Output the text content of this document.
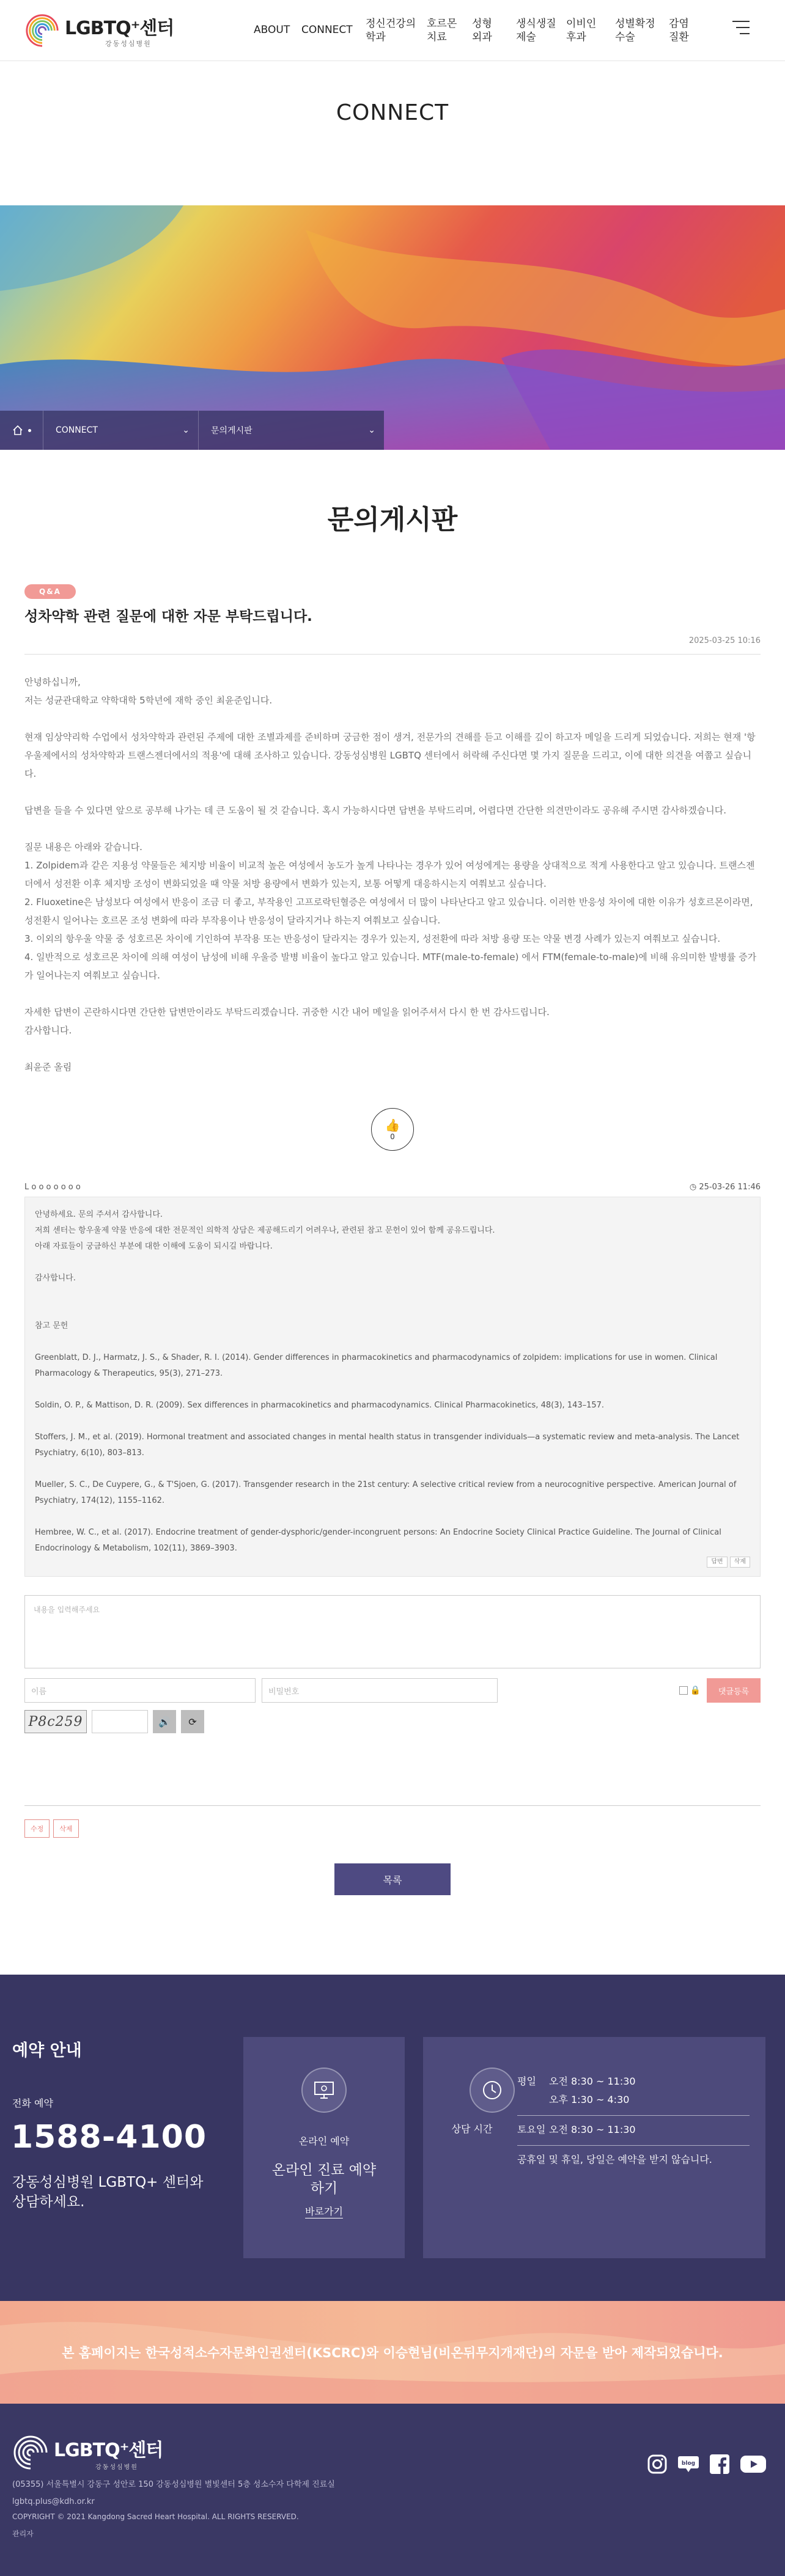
LGBTQ⁺센터
강동성심병원
ABOUT	CONNECT	정신건강의
학과
호르몬
치료
성형
외과
생식생질
제술
이비인
후과
성별확정
수술
감염
질환
CONNECT
CONNECT	⌄	문의게시판	⌄
문의게시판
Q&A
성차약학 관련 질문에 대한 자문 부탁드립니다.
2025-03-25 10:16

안녕하십니까,

저는 성균관대학교 약학대학 5학년에 재학 중인 최윤준입니다.

현재 임상약리학 수업에서 성차약학과 관련된 주제에 대한 조별과제를 준비하며 궁금한 점이 생겨, 전문가의 견해를 듣고 이해를 깊이 하고자 메일을 드리게 되었습니다. 저희는 현재 '항우울제에서의 성차약학과 트랜스젠더에서의 적용'에 대해 조사하고 있습니다. 강동성심병원 LGBTQ 센터에서 허락해 주신다면 몇 가지 질문을 드리고, 이에 대한 의견을 여쭙고 싶습니다.

답변을 들을 수 있다면 앞으로 공부해 나가는 데 큰 도움이 될 것 같습니다. 혹시 가능하시다면 답변을 부탁드리며, 어렵다면 간단한 의견만이라도 공유해 주시면 감사하겠습니다.

질문 내용은 아래와 같습니다.

1. Zolpidem과 같은 지용성 약물들은 체지방 비율이 비교적 높은 여성에서 농도가 높게 나타나는 경우가 있어 여성에게는 용량을 상대적으로 적게 사용한다고 알고 있습니다. 트랜스젠더에서 성전환 이후 체지방 조성이 변화되었을 때 약물 처방 용량에서 변화가 있는지, 보통 어떻게 대응하시는지 여쭤보고 싶습니다.

2. Fluoxetine은 남성보다 여성에서 반응이 조금 더 좋고, 부작용인 고프로락틴혈증은 여성에서 더 많이 나타난다고 알고 있습니다. 이러한 반응성 차이에 대한 이유가 성호르몬이라면, 성전환시 일어나는 호르몬 조성 변화에 따라 부작용이나 반응성이 달라지거나 하는지 여쭤보고 싶습니다.

3. 이외의 항우울 약물 중 성호르몬 차이에 기인하여 부작용 또는 반응성이 달라지는 경우가 있는지, 성전환에 따라 처방 용량 또는 약물 변경 사례가 있는지 여쭤보고 싶습니다.

4. 일반적으로 성호르몬 차이에 의해 여성이 남성에 비해 우울증 발병 비율이 높다고 알고 있습니다. MTF(male-to-female) 에서 FTM(female-to-male)에 비해 유의미한 발병률 증가가 일어나는지 여쭤보고 싶습니다.

자세한 답변이 곤란하시다면 간단한 답변만이라도 부탁드리겠습니다. 귀중한 시간 내어 메일을 읽어주셔서 다시 한 번 감사드립니다.

감사합니다.

최윤준 올림

👍
0
L o o o o o o o	◷ 25-03-26 11:46

안녕하세요. 문의 주셔서 감사합니다.

저희 센터는 항우울제 약물 반응에 대한 전문적인 의학적 상담은 제공해드리기 어려우나, 관련된 참고 문헌이 있어 함께 공유드립니다.

아래 자료들이 궁금하신 부분에 대한 이해에 도움이 되시길 바랍니다.

감사합니다.

참고 문헌

Greenblatt, D. J., Harmatz, J. S., & Shader, R. I. (2014). Gender differences in pharmacokinetics and pharmacodynamics of zolpidem: implications for use in women. Clinical Pharmacology & Therapeutics, 95(3), 271–273.

Soldin, O. P., & Mattison, D. R. (2009). Sex differences in pharmacokinetics and pharmacodynamics. Clinical Pharmacokinetics, 48(3), 143–157.

Stoffers, J. M., et al. (2019). Hormonal treatment and associated changes in mental health status in transgender individuals—a systematic review and meta-analysis. The Lancet Psychiatry, 6(10), 803–813.

Mueller, S. C., De Cuypere, G., & T'Sjoen, G. (2017). Transgender research in the 21st century: A selective critical review from a neurocognitive perspective. American Journal of Psychiatry, 174(12), 1155–1162.

Hembree, W. C., et al. (2017). Endocrine treatment of gender-dysphoric/gender-incongruent persons: An Endocrine Society Clinical Practice Guideline. The Journal of Clinical Endocrinology & Metabolism, 102(11), 3869–3903.

답변	삭제
내용을 입력해주세요
이름	비밀번호	🔒	댓글등록
P8c259	🔊	⟳
수정	삭제
목록
예약 안내
전화 예약
1588-4100
강동성심병원 LGBTQ+ 센터와 상담하세요.
온라인 예약
온라인 진료 예약하기
바로가기
상담 시간
평일	오전 8:30 ~ 11:30
오후 1:30 ~ 4:30
토요일 오전 8:30 ~ 11:30
공휴일 및 휴일, 당일은 예약을 받지 않습니다.
본 홈페이지는 한국성적소수자문화인권센터(KSCRC)와 이승현님(비온뒤무지개재단)의 자문을 받아 제작되었습니다.
LGBTQ⁺센터
강동성심병원
(05355) 서울특별시 강동구 성안로 150 강동성심병원 별빛센터 5층 성소수자 다학제 진료실
lgbtq.plus@kdh.or.kr
COPYRIGHT © 2021 Kangdong Sacred Heart Hospital. ALL RIGHTS RESERVED.
관리자
blog
